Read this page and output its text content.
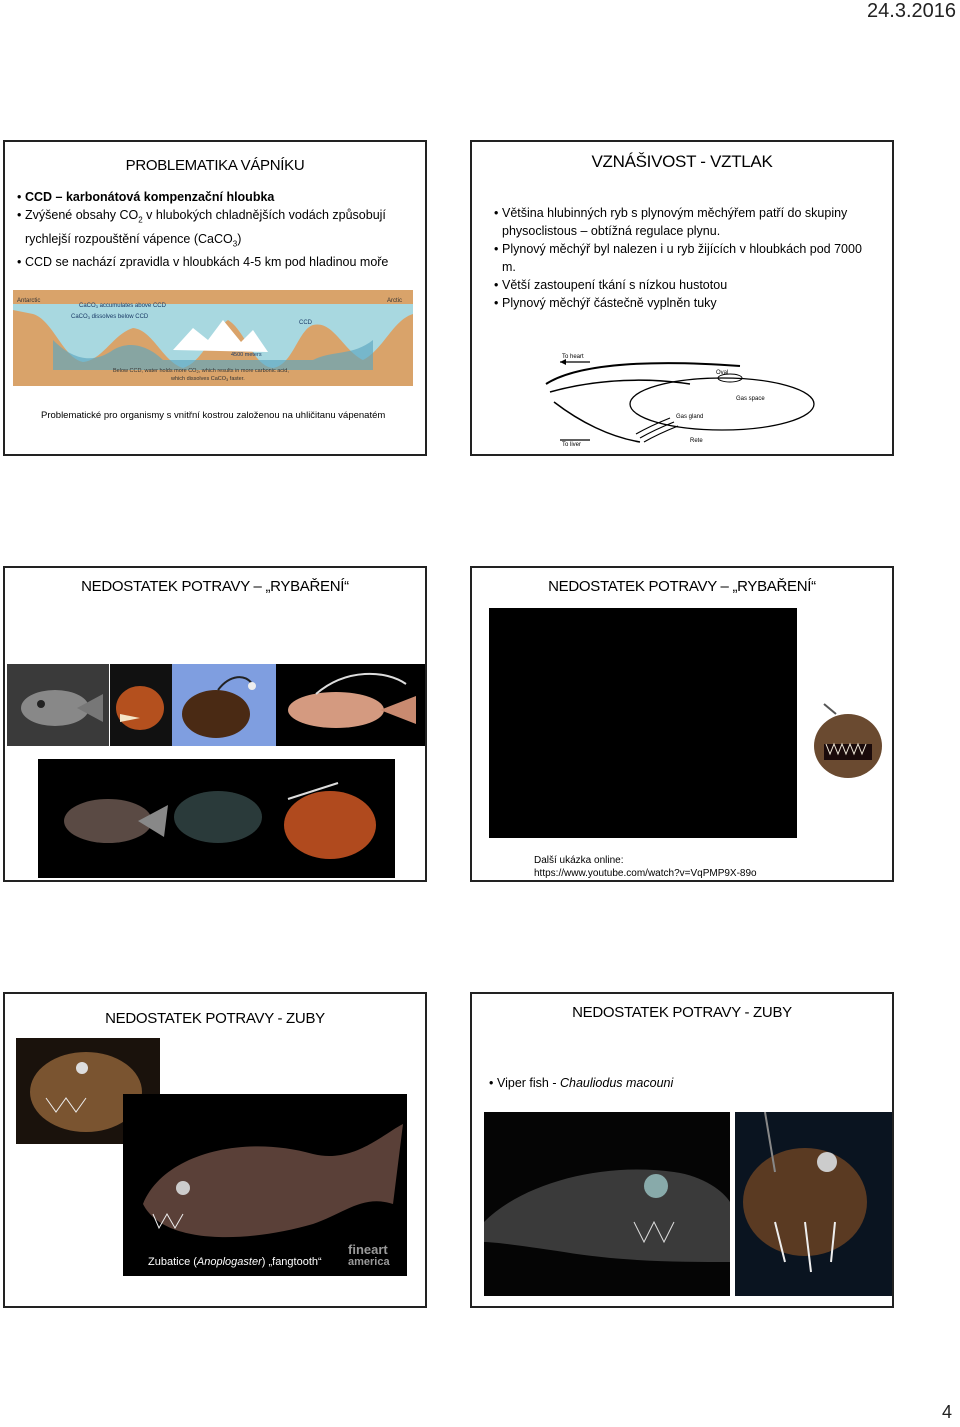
24.3.2016
PROBLEMATIKA VÁPNÍKU
• CCD – karbonátová kompenzační hloubka
• Zvýšené obsahy $CO_2$ v hlubokých chladnějších vodách způsobují rychlejší rozpouštění vápence (CaCO$_3$)
• CCD se nachází zpravidla v hloubkách 4-5 km pod hladinou moře
Antarctic	Arctic
CaCO3 accumulates above CCD
CaCO3 dissolves below CCD
CCD
4500 meters
Below CCD, water holds more CO2, which results in more carbonic acid,
which dissolves CaCO3 faster.
Problematické pro organismy s vnitřní kostrou založenou na uhličitanu vápenatém
VZNÁŠIVOST - VZTLAK
• Většina hlubinných ryb s plynovým měchýřem patří do skupiny physoclistous – obtížná regulace plynu.
• Plynový měchýř byl nalezen i u ryb žijících v hloubkách pod 7000 m.
• Větší zastoupení tkání s nízkou hustotou
• Plynový měchýř částečně vyplněn tuky
To heart
Oval
Gas space
Gas gland
Rete
To liver
NEDOSTATEK POTRAVY – „RYBAŘENÍ“	NEDOSTATEK POTRAVY – „RYBAŘENÍ“
Další ukázka online:
https://www.youtube.com/watch?v=VqPMP9X-89o
NEDOSTATEK POTRAVY - ZUBY
Zubatice (Anoplogaster) „fangtooth“
fineart
america
NEDOSTATEK POTRAVY - ZUBY
• Viper fish - Chauliodus macouni
4
